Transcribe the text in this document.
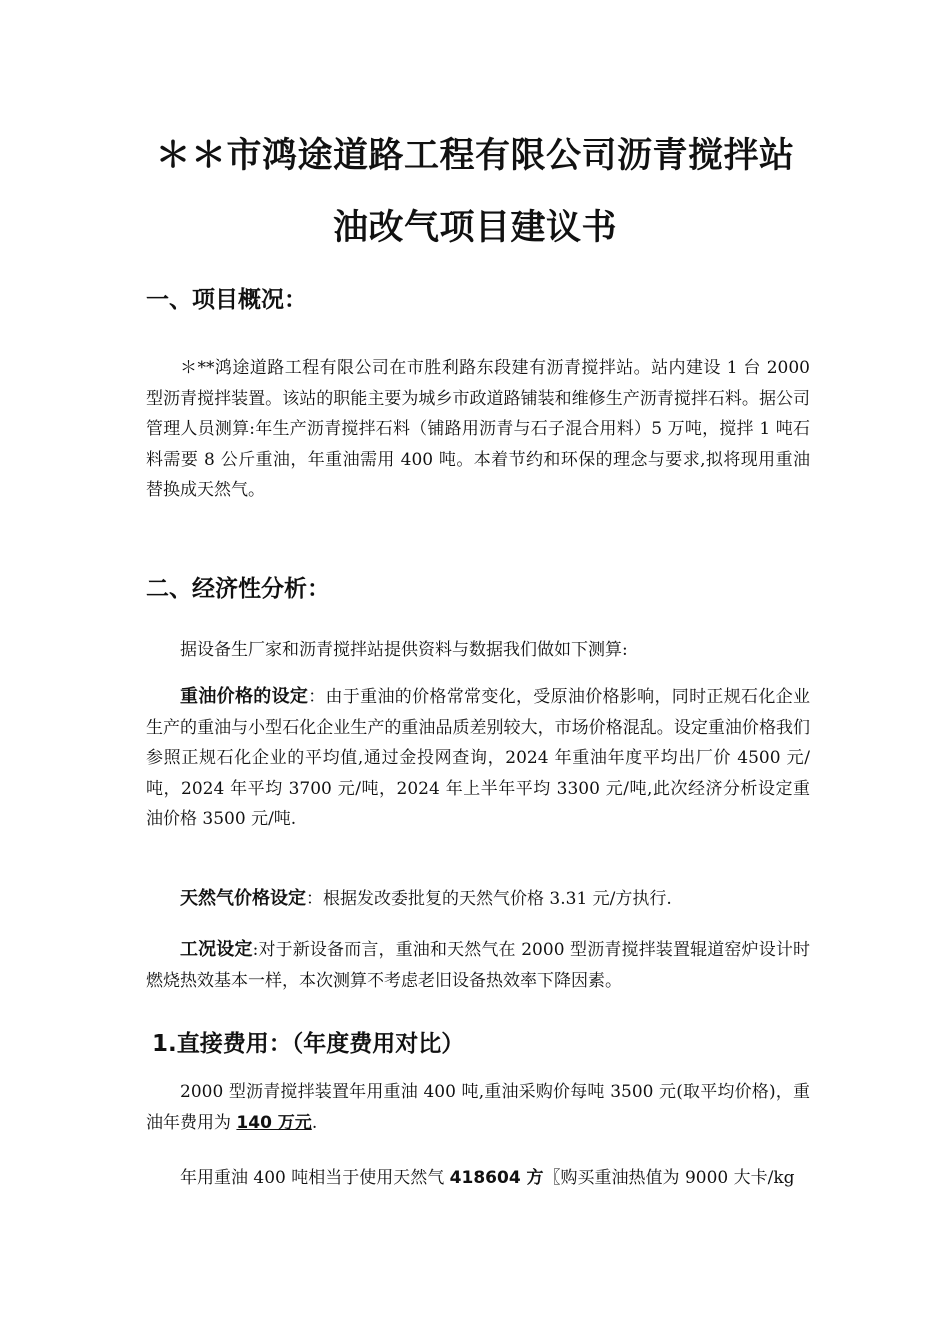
＊＊市鸿途道路工程有限公司沥青搅拌站
油改气项目建议书
一、项目概况：
＊**鸿途道路工程有限公司在市胜利路东段建有沥青搅拌站。站内建设 1 台 2000 型沥青搅拌装置。该站的职能主要为城乡市政道路铺装和维修生产沥青搅拌石料。据公司管理人员测算:年生产沥青搅拌石料（铺路用沥青与石子混合用料）5 万吨，搅拌 1 吨石料需要 8 公斤重油，年重油需用 400 吨。本着节约和环保的理念与要求,拟将现用重油替换成天然气。
二、经济性分析：
据设备生厂家和沥青搅拌站提供资料与数据我们做如下测算:
重油价格的设定：由于重油的价格常常变化，受原油价格影响，同时正规石化企业生产的重油与小型石化企业生产的重油品质差别较大，市场价格混乱。设定重油价格我们参照正规石化企业的平均值,通过金投网查询，2024 年重油年度平均出厂价 4500 元/吨，2024 年平均 3700 元/吨，2024 年上半年平均 3300 元/吨,此次经济分析设定重油价格 3500 元/吨.
天然气价格设定：根据发改委批复的天然气价格 3.31 元/方执行.
工况设定:对于新设备而言，重油和天然气在 2000 型沥青搅拌装置辊道窑炉设计时燃烧热效基本一样，本次测算不考虑老旧设备热效率下降因素。
1.直接费用：（年度费用对比）
2000 型沥青搅拌装置年用重油 400 吨,重油采购价每吨 3500 元(取平均价格)，重油年费用为 140 万元.
年用重油 400 吨相当于使用天然气 418604 方〖购买重油热值为 9000 大卡/kg
